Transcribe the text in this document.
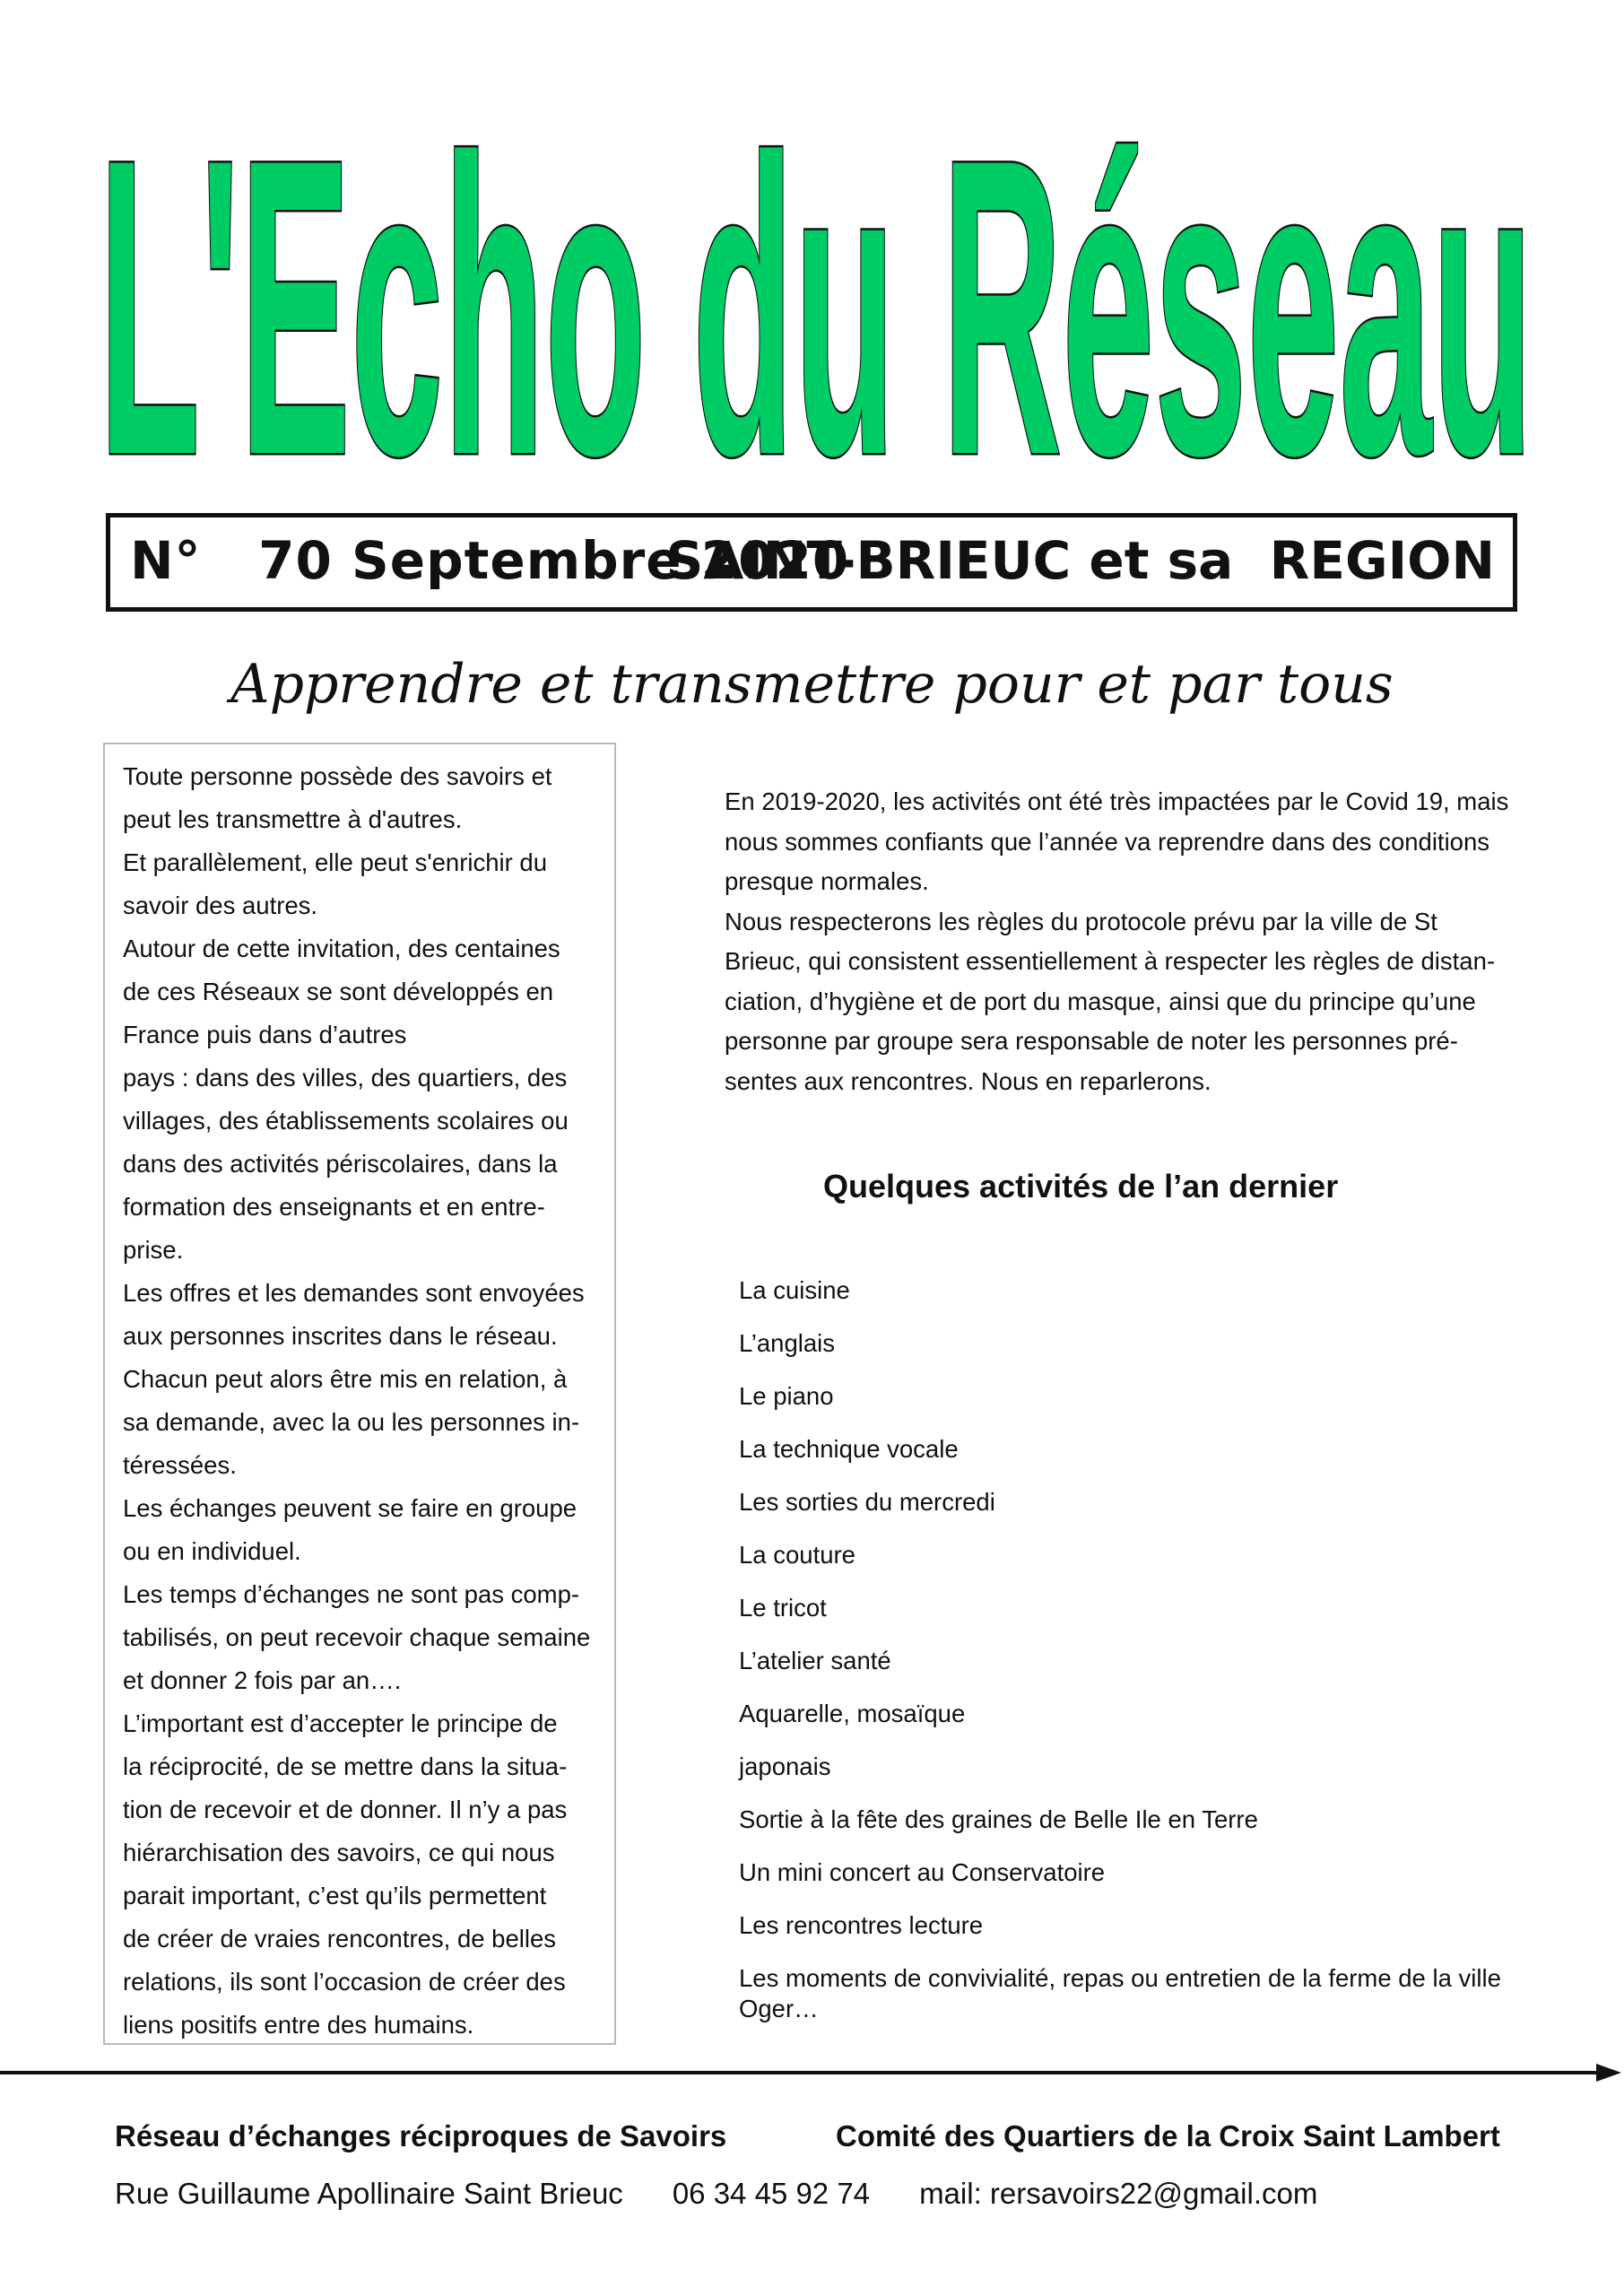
L'Echo du Réseau
N°   70 Septembre 2020
SAINT-BRIEUC et sa  REGION
Apprendre et transmettre pour et par tous

Toute personne possède des savoirs et

peut les transmettre à d'autres.

Et parallèlement, elle peut s'enrichir du

savoir des autres.

Autour de cette invitation, des centaines

de ces Réseaux se sont développés en

France puis dans d’autres

pays : dans des villes, des quartiers, des

villages, des établissements scolaires ou

dans des activités périscolaires, dans la

formation des enseignants et en entre-

prise.

Les offres et les demandes sont envoyées

aux personnes inscrites dans le réseau.

Chacun peut alors être mis en relation, à

sa demande, avec la ou les personnes in-

téressées.

Les échanges peuvent se faire en groupe

ou en individuel.

Les temps d’échanges ne sont pas comp-

tabilisés, on peut recevoir chaque semaine

et donner 2 fois par an….

L’important est d’accepter le principe de

la réciprocité, de se mettre dans la situa-

tion de recevoir et de donner. Il n’y a pas

hiérarchisation des savoirs, ce qui nous

parait important, c’est qu’ils permettent

de créer de vraies rencontres, de belles

relations, ils sont l’occasion de créer des

liens positifs entre des humains.

En 2019-2020, les activités ont été très impactées par le Covid 19, mais

nous sommes confiants que l’année va reprendre dans des conditions

presque normales.

Nous respecterons les règles du protocole prévu par la ville de St

Brieuc, qui consistent essentiellement à respecter les règles de distan-

ciation, d’hygiène et de port du masque, ainsi que du principe qu’une

personne par groupe sera responsable de noter les personnes pré-

sentes aux rencontres. Nous en reparlerons.

Quelques activités de l’an dernier
La cuisine
L’anglais
Le piano
La technique vocale
Les sorties du mercredi
La couture
Le tricot
L’atelier santé
Aquarelle, mosaïque
japonais
Sortie à la fête des graines de Belle Ile en Terre
Un mini concert au Conservatoire
Les rencontres lecture
Les moments de convivialité, repas ou entretien de la ferme de la ville Oger…
Réseau d’échanges réciproques de Savoirs	Comité des Quartiers de la Croix Saint Lambert
Rue Guillaume Apollinaire Saint Brieuc 06 34 45 92 74 mail: rersavoirs22@gmail.com
